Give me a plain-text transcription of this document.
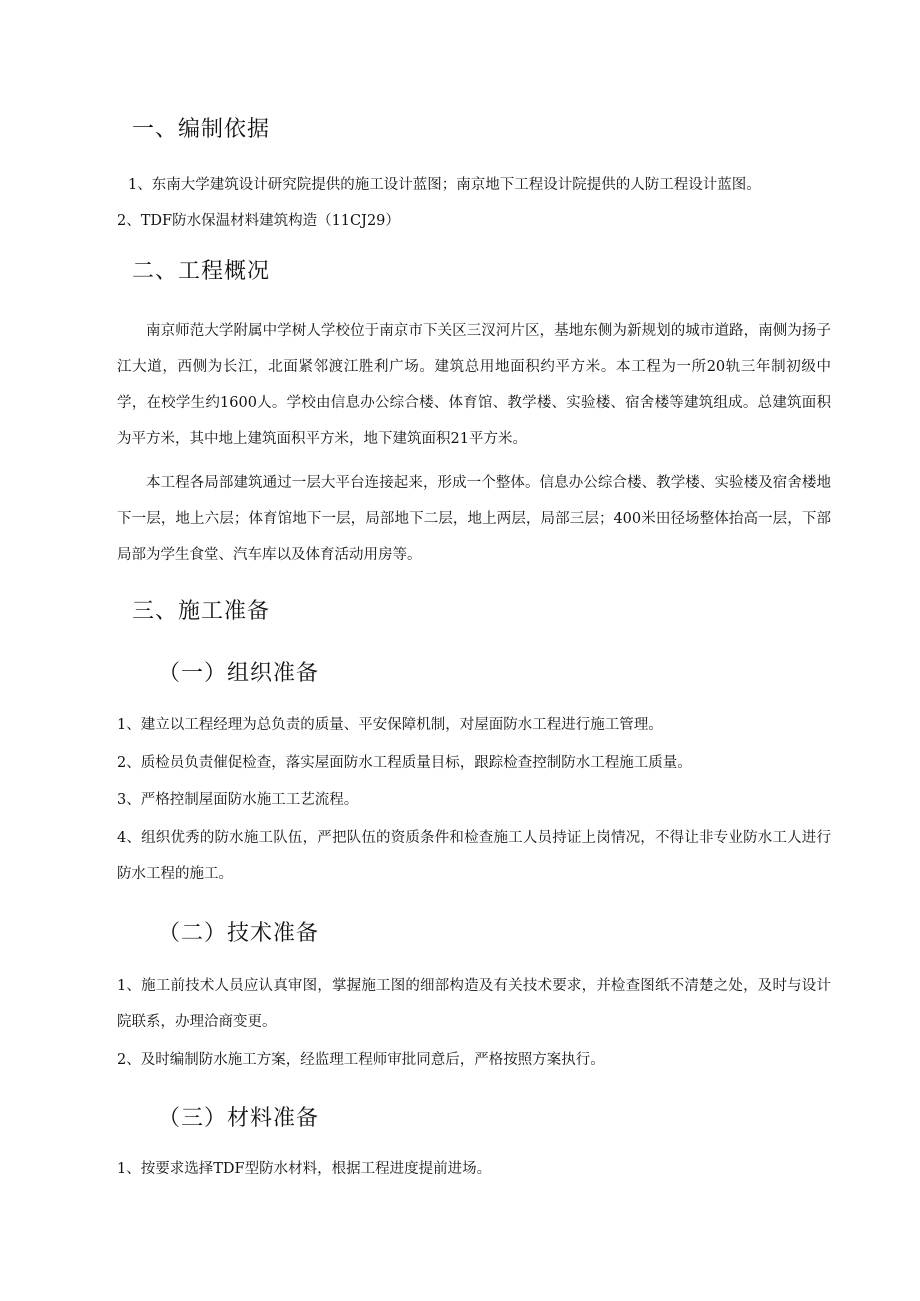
一、编制依据
1、东南大学建筑设计研究院提供的施工设计蓝图；南京地下工程设计院提供的人防工程设计蓝图。
2、TDF防水保温材料建筑构造（11CJ29）
二、工程概况
南京师范大学附属中学树人学校位于南京市下关区三汊河片区，基地东侧为新规划的城市道路，南侧为扬子江大道，西侧为长江，北面紧邻渡江胜利广场。建筑总用地面积约平方米。本工程为一所20轨三年制初级中学，在校学生约1600人。学校由信息办公综合楼、体育馆、教学楼、实验楼、宿舍楼等建筑组成。总建筑面积为平方米，其中地上建筑面积平方米，地下建筑面积21平方米。
本工程各局部建筑通过一层大平台连接起来，形成一个整体。信息办公综合楼、教学楼、实验楼及宿舍楼地下一层，地上六层；体育馆地下一层，局部地下二层，地上两层，局部三层；400米田径场整体抬高一层，下部局部为学生食堂、汽车库以及体育活动用房等。
三、施工准备
（一）组织准备
1、建立以工程经理为总负责的质量、平安保障机制，对屋面防水工程进行施工管理。
2、质检员负责催促检查，落实屋面防水工程质量目标，跟踪检查控制防水工程施工质量。
3、严格控制屋面防水施工工艺流程。
4、组织优秀的防水施工队伍，严把队伍的资质条件和检查施工人员持证上岗情况，不得让非专业防水工人进行防水工程的施工。
（二）技术准备
1、施工前技术人员应认真审图，掌握施工图的细部构造及有关技术要求，并检查图纸不清楚之处，及时与设计院联系，办理洽商变更。
2、及时编制防水施工方案，经监理工程师审批同意后，严格按照方案执行。
（三）材料准备
1、按要求选择TDF型防水材料，根据工程进度提前进场。
